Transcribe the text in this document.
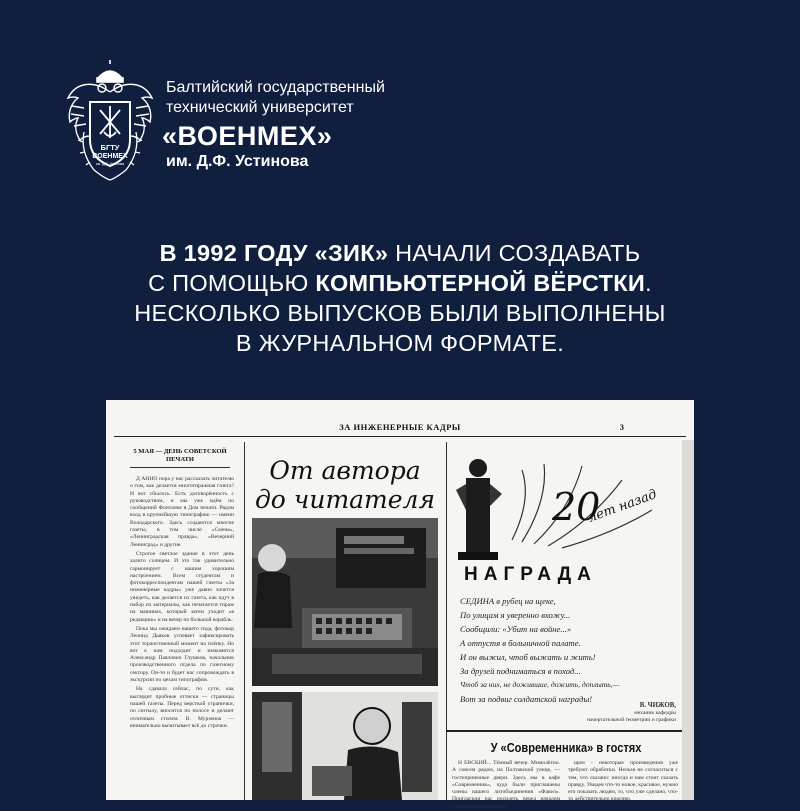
БГТУ
ВОЕНМЕХ
им. Д.Ф. Устинова
Балтийский государственный
технический университет
«ВОЕНМЕХ»
им. Д.Ф. Устинова
В 1992 ГОДУ «ЗИК» НАЧАЛИ СОЗДАВАТЬ
С ПОМОЩЬЮ КОМПЬЮТЕРНОЙ ВЁРСТКИ.
НЕСКОЛЬКО ВЫПУСКОВ БЫЛИ ВЫПОЛНЕНЫ
В ЖУРНАЛЬНОМ ФОРМАТЕ.
ЗА ИНЖЕНЕРНЫЕ КАДРЫ	3
5 МАЯ — ДЕНЬ СОВЕТСКОЙ ПЕЧАТИ

Д АННО пора у нас рассказать читателю о том, как делается многотиражная газета? И вот сбылось. Есть договорённость с руководством, и мы уже идём по сообщений Фонтанке в Дом печати. Рядом вход в крупнейшую типографию — имени Володарского. Здесь создаются многие газеты, в том числе «Смена», «Ленинградская правда», «Вечерний Ленинград» и другие.

Строгое светлое здание в этот день залито солнцем. И это так удивительно гармонирует с нашим хорошим настроением. Всем студентам и фотокорреспондентам нашей газеты «За инженерные кадры» уже давно хочется увидеть, как делается их газета, как идут в набор их материалы, как печатается тираж на машинах, который затем уходит «в редакцию» и на вечер по большой корабль.

Пока мы ожидаем нашего гида, фотокор Леонид Дьяков успевает зафиксировать этот торжественный момент на плёнку. Но вот к нам подходит и знакомится Александр Павлович Глушков, начальник производственного отдела по газетному сектору. Он-то и будет нас сопровождать в экскурсии по цехам типографии.

На сдавала сейчас, по сути, как выглядит пробные оттиски — страницы нашей газеты. Перед версткой странички, по сигналу, вносится по полосе и делают отличным стилем. В. Мурзенок — внимательно вычитывает всё до строчки.

От автора
до читателя	20
лет назад
НАГРАДА
СЕДИНА в рубец на щеке,
По улицам я уверенно вхожу...
Сообщили: «Убит на войне...»
А отпустя в больничной палате.
И он выжил, чтоб выжать и жить!
За друзей подниматься в поход...
Чтоб за них, не дожившие, дожить, доплыть,—
Вот за подвиг солдатской награды!
В. ЧИЖОВ,
механик кафедры
начертательной геометрии и графики
У «Современника» в гостях

Н ЕВСКИЙ... Тёмный вечер. Мимолётно. А совсем рядом, на Полтавской улице, — гостеприимные двери. Здесь мы в кафе «Современник», куда были приглашены члены нашего литобъединения «Факел». Пригласили нас посидеть перед началом Союзпокойной работы.

щим - некоторые произведения уже требуют обработки. Нельзя не согласиться с тем, что сказано: иногда и нам стоит сказать правду. Увидев что-то новое, красивое, нужно его показать людям, то, что уже сделано, что-то действительно красиво.
